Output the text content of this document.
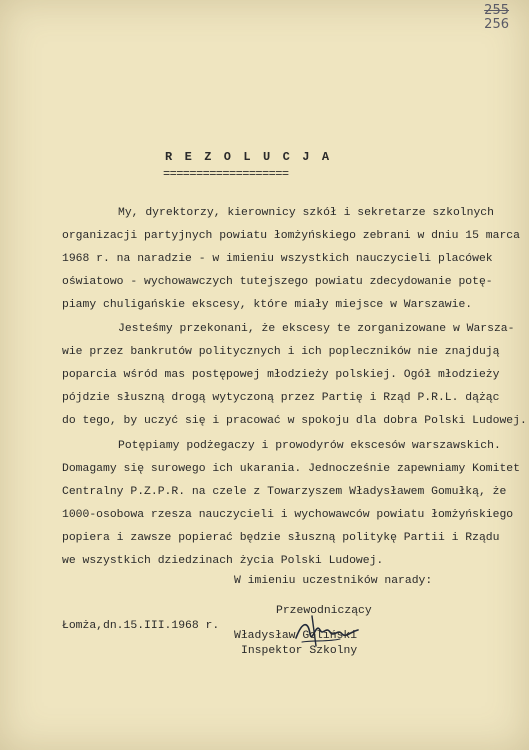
255
256
R E Z O L U C J A
===================
My, dyrektorzy, kierownicy szkół i sekretarze szkolnych
organizacji partyjnych powiatu łomżyńskiego zebrani w dniu 15 marca
1968 r. na naradzie - w imieniu wszystkich nauczycieli placówek
oświatowo - wychowawczych tutejszego powiatu zdecydowanie potę-
piamy chuligańskie ekscesy, które miały miejsce w Warszawie.
Jesteśmy przekonani, że ekscesy te zorganizowane w Warsza-
wie przez bankrutów politycznych i ich popleczników nie znajdują
poparcia wśród mas postępowej młodzieży polskiej. Ogół młodzieży
pójdzie słuszną drogą wytyczoną przez Partię i Rząd P.R.L. dążąc
do tego, by uczyć się i pracować w spokoju dla dobra Polski Ludowej.
Potępiamy podżegaczy i prowodyrów ekscesów warszawskich.
Domagamy się surowego ich ukarania. Jednocześnie zapewniamy Komitet
Centralny P.Z.P.R. na czele z Towarzyszem Władysławem Gomułką, że
1000-osobowa rzesza nauczycieli i wychowawców powiatu łomżyńskiego
popiera i zawsze popierać będzie słuszną politykę Partii i Rządu
we wszystkich dziedzinach życia Polski Ludowej.
W imieniu uczestników narady:
Przewodniczący
Łomża,dn.15.III.1968 r.
Władysław Goliński
Inspektor Szkolny
